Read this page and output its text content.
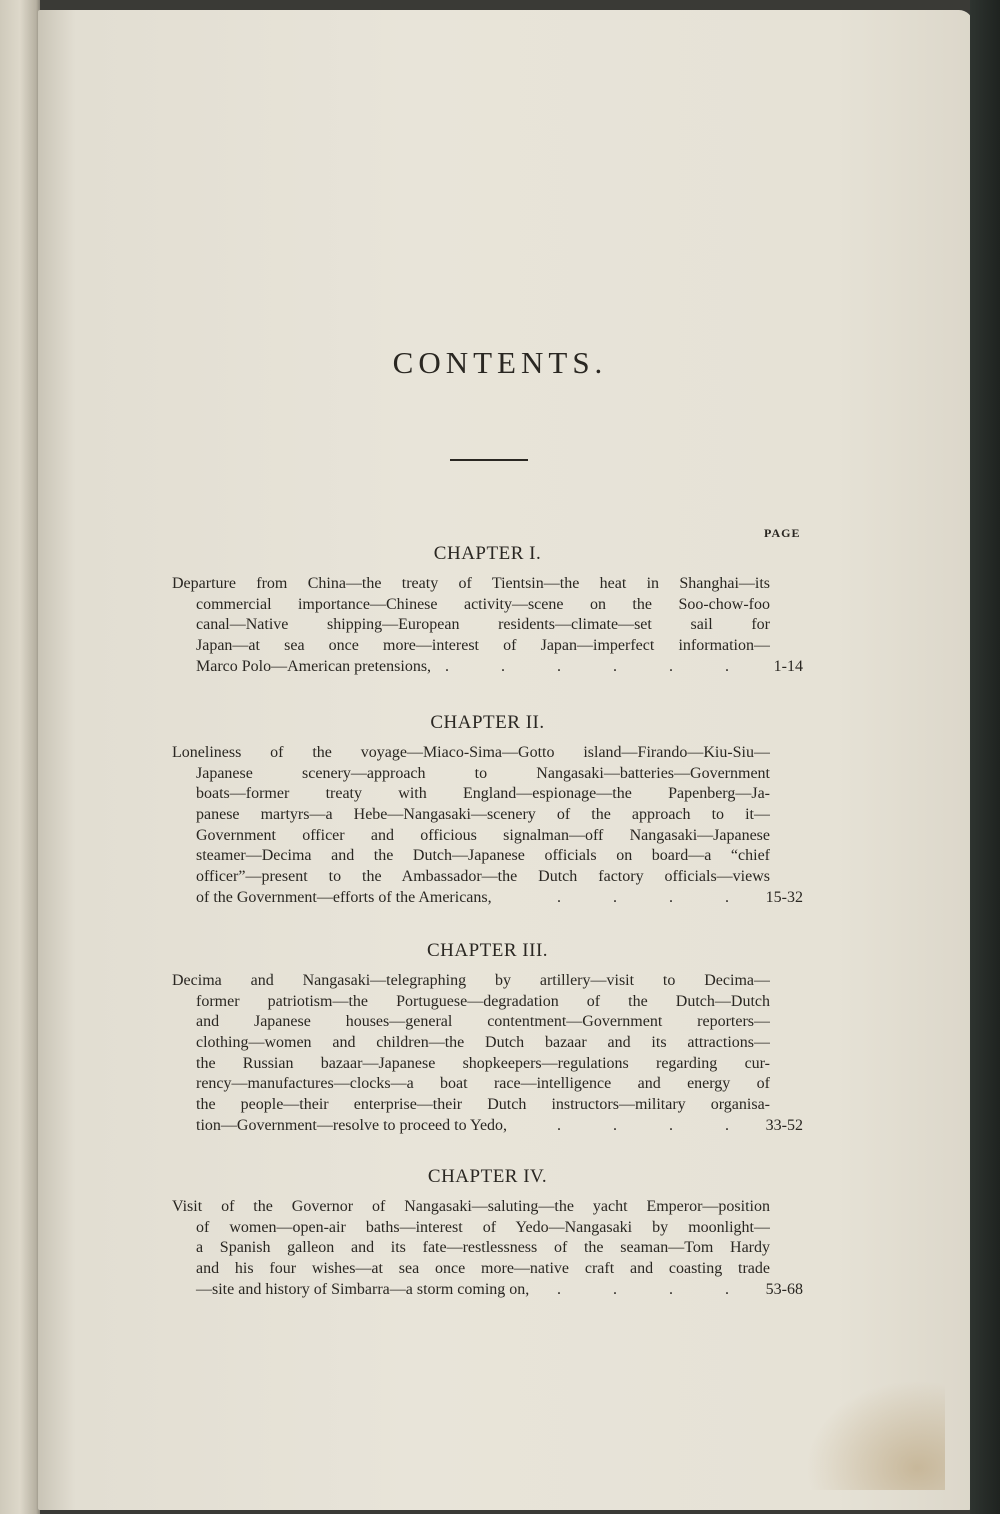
CONTENTS.
PAGE
CHAPTER I.
Departure from China—the treaty of Tientsin—the heat in Shanghai—its
commercial importance—Chinese activity—scene on the Soo-chow-foo
canal—Native shipping—European residents—climate—set sail for
Japan—at sea once more—interest of Japan—imperfect information—
Marco Polo—American pretensions, . . . . . . 1-14
CHAPTER II.
Loneliness of the voyage—Miaco-Sima—Gotto island—Firando—Kiu-Siu—
Japanese scenery—approach to Nangasaki—batteries—Government
boats—former treaty with England—espionage—the Papenberg—Ja-
panese martyrs—a Hebe—Nangasaki—scenery of the approach to it—
Government officer and officious signalman—off Nangasaki—Japanese
steamer—Decima and the Dutch—Japanese officials on board—a “chief
officer”—present to the Ambassador—the Dutch factory officials—views
of the Government—efforts of the Americans,	. . . . 15-32
CHAPTER III.
Decima and Nangasaki—telegraphing by artillery—visit to Decima—
former patriotism—the Portuguese—degradation of the Dutch—Dutch
and Japanese houses—general contentment—Government reporters—
clothing—women and children—the Dutch bazaar and its attractions—
the Russian bazaar—Japanese shopkeepers—regulations regarding cur-
rency—manufactures—clocks—a boat race—intelligence and energy of
the people—their enterprise—their Dutch instructors—military organisa-
tion—Government—resolve to proceed to Yedo,	. . . . 33-52
CHAPTER IV.
Visit of the Governor of Nangasaki—saluting—the yacht Emperor—position
of women—open-air baths—interest of Yedo—Nangasaki by moonlight—
a Spanish galleon and its fate—restlessness of the seaman—Tom Hardy
and his four wishes—at sea once more—native craft and coasting trade
—site and history of Simbarra—a storm coming on,
. . . . . 53-68
